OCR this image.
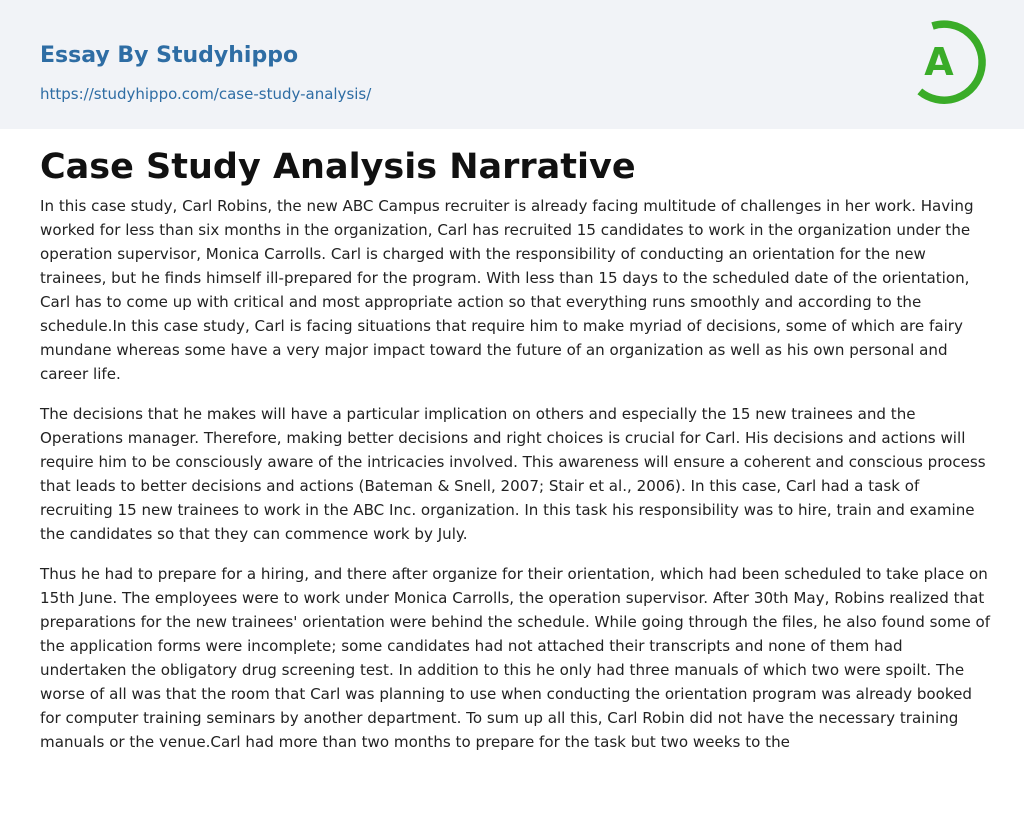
Essay By Studyhippo
https://studyhippo.com/case-study-analysis/
A
Case Study Analysis Narrative

In this case study, Carl Robins, the new ABC Campus recruiter is already facing multitude of challenges in her work. Having worked for less than six months in the organization, Carl has recruited 15 candidates to work in the organization under the operation supervisor, Monica Carrolls. Carl is charged with the responsibility of conducting an orientation for the new trainees, but he finds himself ill-prepared for the program. With less than 15 days to the scheduled date of the orientation, Carl has to come up with critical and most appropriate action so that everything runs smoothly and according to the schedule.In this case study, Carl is facing situations that require him to make myriad of decisions, some of which are fairy mundane whereas some have a very major impact toward the future of an organization as well as his own personal and career life.

The decisions that he makes will have a particular implication on others and especially the 15 new trainees and the Operations manager. Therefore, making better decisions and right choices is crucial for Carl. His decisions and actions will require him to be consciously aware of the intricacies involved. This awareness will ensure a coherent and conscious process that leads to better decisions and actions (Bateman & Snell, 2007; Stair et al., 2006). In this case, Carl had a task of recruiting 15 new trainees to work in the ABC Inc. organization. In this task his responsibility was to hire, train and examine the candidates so that they can commence work by July.

Thus he had to prepare for a hiring, and there after organize for their orientation, which had been scheduled to take place on 15th June. The employees were to work under Monica Carrolls, the operation supervisor. After 30th May, Robins realized that preparations for the new trainees' orientation were behind the schedule. While going through the files, he also found some of the application forms were incomplete; some candidates had not attached their transcripts and none of them had undertaken the obligatory drug screening test. In addition to this he only had three manuals of which two were spoilt. The worse of all was that the room that Carl was planning to use when conducting the orientation program was already booked for computer training seminars by another department. To sum up all this, Carl Robin did not have the necessary training manuals or the venue.Carl had more than two months to prepare for the task but two weeks to the
